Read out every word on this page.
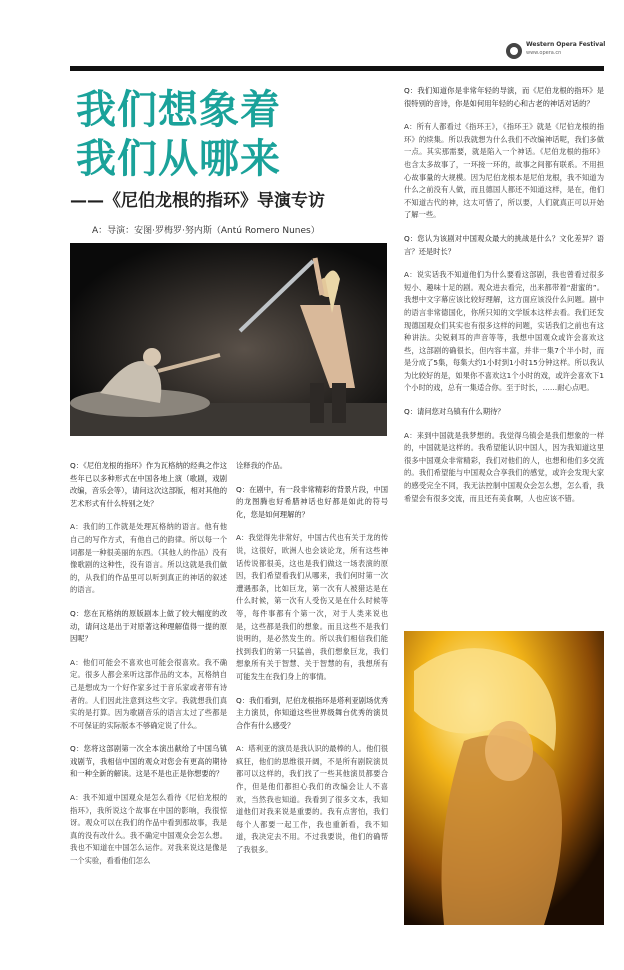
Western Opera Festival
www.opera.cn
我们想象着
我们从哪来
——《尼伯龙根的指环》导演专访
A：导演：安图·罗梅罗·努内斯（Antú Romero Nunes）

Q：《尼伯龙根的指环》作为瓦格纳的经典之作这些年已以多种形式在中国各地上演（歌剧，戏剧改编，音乐会等），请问这次这部版，相对其他的艺术形式有什么特别之处？

A：我们的工作就是处理瓦格纳的语言。他有他自己的写作方式，有他自己的韵律。所以每一个词都是一种很美丽的东西。（其他人的作品）没有像歌剧的这种性，没有语言。所以这就是我们做的，从我们的作品里可以听到真正的神话的叙述的语言。

Q：您在瓦格纳的原版剧本上做了较大幅度的改动，请问这是出于对原著这种理解值得一提的原因呢？

A：他们可能会不喜欢也可能会很喜欢。我不确定。很多人都会来听这部作品的文本，瓦格纳自己是想成为一个好作家多过于音乐家或者带有诗者的。人们因此注意到这些文字。我就想我们真实的是打算。因为歌剧音乐的语言太过了些都是不可保证的实际版本不够确定说了什么。

Q：您将这部剧第一次全本演出献给了中国乌镇戏剧节，我相信中国的观众对您会有更高的期待和一种全新的解读。这是不是也正是你想要的？

A：我不知道中国观众是怎么看待《尼伯龙根的指环》，我所说这个故事在中国的影响，我很惊讶。观众可以在我们的作品中看到那故事，我是真的没有改什么。我不确定中国观众会怎么想。我也不知道在中国怎么运作。对我来说这是像是一个实验，看看他们怎么

诠释我的作品。

Q：在剧中，有一段非常精彩的背景片段，中国的龙图腾也好希腊神话也好都是如此的符号化，您是如何理解的？

A：我觉得先非常好，中国古代也有关于龙的传说，这很好，欧洲人也会谈论龙，所有这些神话传说都很美，这也是我们做这一场表演的原因，我们希望看我们从哪来，我们何时第一次遭遇那条，比如巨龙，第一次有人被猎达是在什么时候，第一次有人受伤又是在什么时候等等，每件事都有个第一次，对于人类来说也是，这些都是我们的想象。而且这些不是我们说明的，是必然发生的。所以我们相信我们能找到我们的第一只猛兽，我们想象巨龙，我们想象所有关于智慧、关于智慧的有，我想所有可能发生在我们身上的事情。

Q：我们看到，尼伯龙根指环是塔利亚剧场优秀主力演员，你知道这些世界级舞台优秀的演员合作有什么感受？

A：塔利亚的演员是我认识的最棒的人。他们很疯狂，他们的思维很开阔，不是所有剧院演员都可以这样的，我们找了一些其他演员都要合作，但是他们都担心我们的改编会让人不喜欢，当然我也知道。我看到了很多文本，我知道他们对我来说是重要的。我有点害怕，我们每个人都要一起工作，我也重新看，我不知道，我决定去不用。不过我要说，他们的确帮了我很多。

Q：我们知道你是非常年轻的导演，而《尼伯龙根的指环》是很特别的音诗，你是如何用年轻的心和古老的神话对话的？

A：所有人都看过《指环王》，《指环王》就是《尼伯龙根的指环》的续集。所以我就想为什么我们不改编神话呢，我们多做一点。其实那需要，就是陷入一个神话。《尼伯龙根的指环》也含太多故事了，一环接一环的，故事之间都有联系。不用担心故事量的大规模。因为尼伯龙根本是尼伯龙根，我不知道为什么之前没有人做，而且德国人都还不知道这样，是在，他们不知道古代的神，这太可惜了，所以要，人们就真正可以开始了解一些。

Q：您认为该剧对中国观众最大的挑战是什么？文化差异？语言？还是时长？

A：说实话我不知道他们为什么要看这部剧，我也曾看过很多短小、趣味十足的剧。观众进去看完，出来都带着“甜蜜的”。我想中文字幕应该比较好理解，这方面应该没什么问题。剧中的语言非常德国化，你所只知的文学版本这样去看。我们还发现德国观众们其实也有很多这样的问题，实话我们之前也有这种讲法。尖锐刺耳的声音等等，我想中国观众或许会喜欢这些，这部剧的确很长，但内容丰富，并非一集7个半小时，而是分成了5集，每集大约1小时到1小时15分钟这样。所以我认为比较好的是，如果你不喜欢这1个小时的戏，或许会喜欢下1个小时的戏，总有一集适合你。至于时长，……耐心点吧。

Q：请问您对乌镇有什么期待？

A：来到中国就是我梦想的。我觉得乌镇会是我们想象的一样的，中国就是这样的。我希望能认识中国人，因为我知道这里很多中国观众非常精彩，我们对他们的人，也想和他们多交流的。我们希望能与中国观众合享我们的感觉，或许会发现大家的感受完全不同，我无法控制中国观众会怎么想，怎么看，我希望会有很多交流，而且还有美食啊，人也应该不错。
